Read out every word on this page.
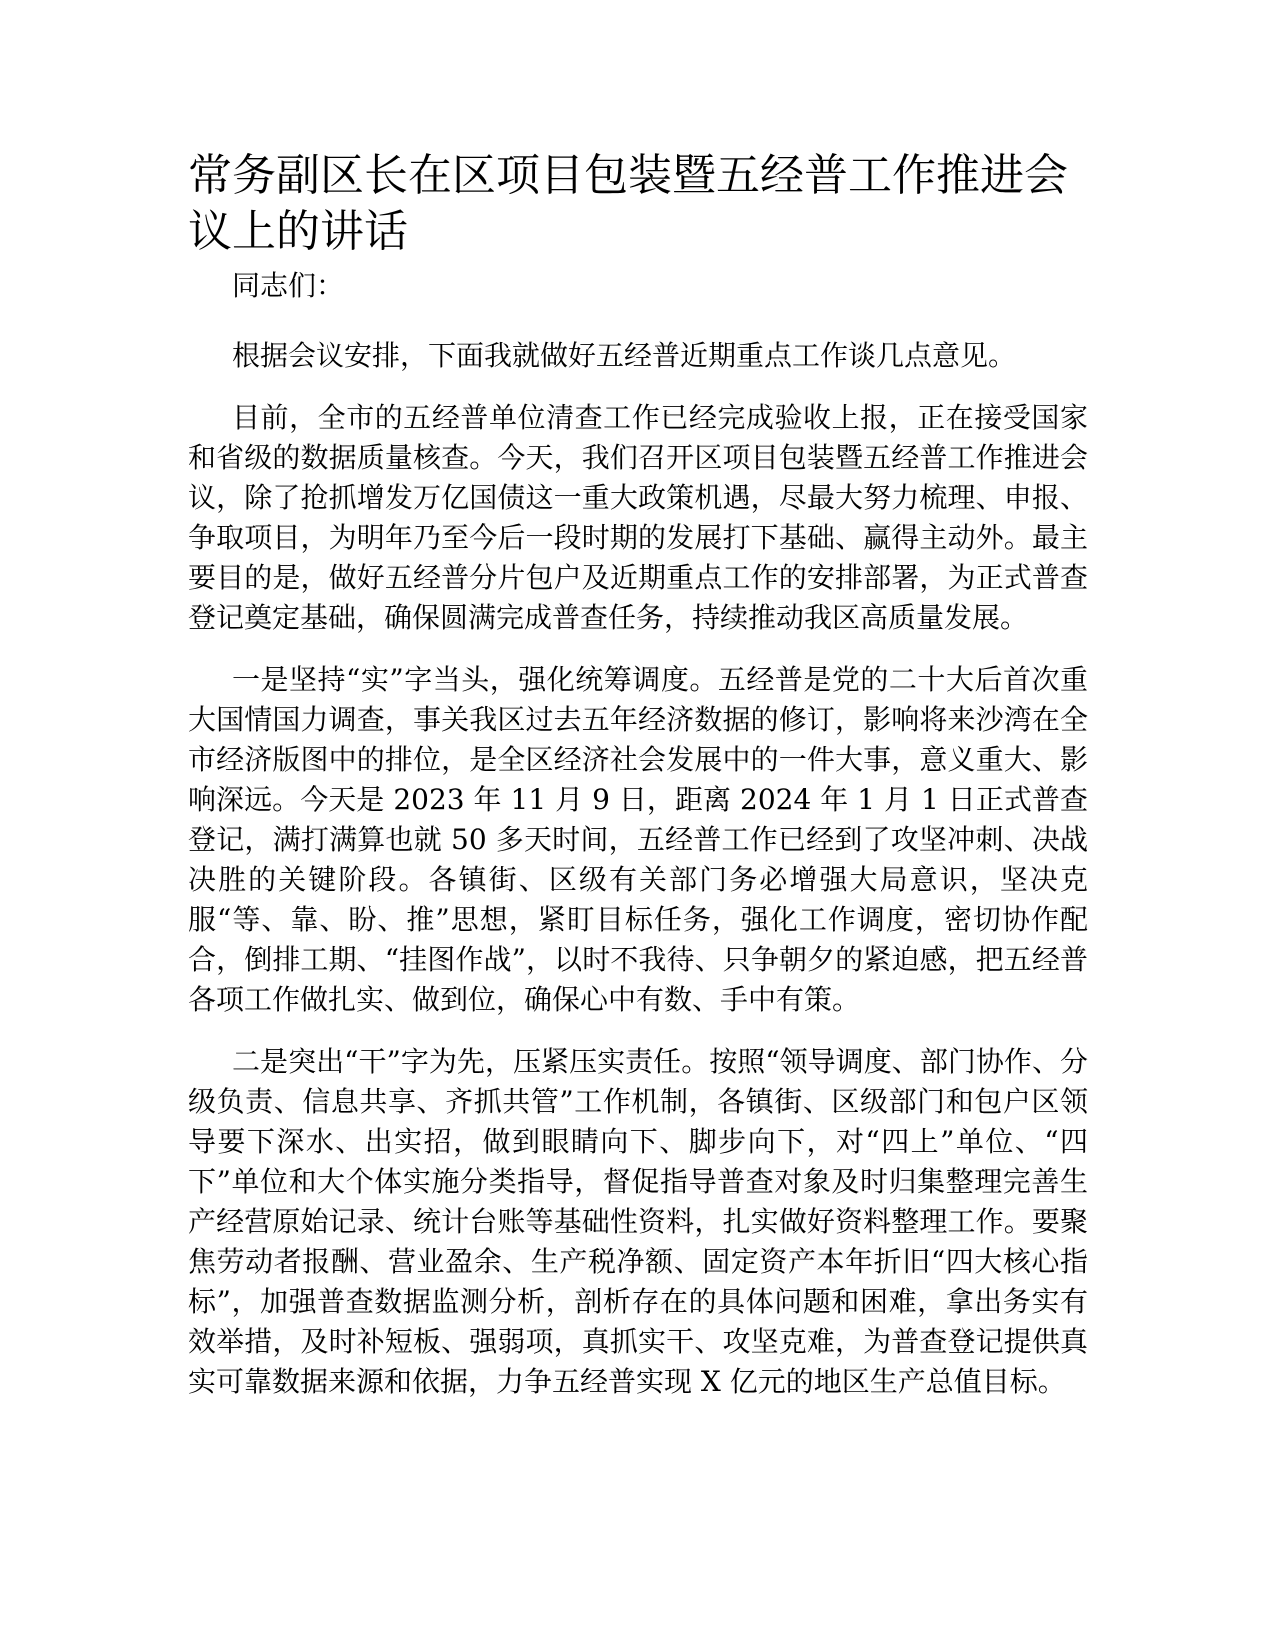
常务副区长在区项目包装暨五经普工作推进会议上的讲话

同志们：

根据会议安排，下面我就做好五经普近期重点工作谈几点意见。

目前，全市的五经普单位清查工作已经完成验收上报，正在接受国家和省级的数据质量核查。今天，我们召开区项目包装暨五经普工作推进会议，除了抢抓增发万亿国债这一重大政策机遇，尽最大努力梳理、申报、争取项目，为明年乃至今后一段时期的发展打下基础、赢得主动外。最主要目的是，做好五经普分片包户及近期重点工作的安排部署，为正式普查登记奠定基础，确保圆满完成普查任务，持续推动我区高质量发展。

一是坚持“实”字当头，强化统筹调度。五经普是党的二十大后首次重大国情国力调查，事关我区过去五年经济数据的修订，影响将来沙湾在全市经济版图中的排位，是全区经济社会发展中的一件大事，意义重大、影响深远。今天是 2023 年 11 月 9 日，距离 2024 年 1 月 1 日正式普查登记，满打满算也就 50 多天时间，五经普工作已经到了攻坚冲刺、决战决胜的关键阶段。各镇街、区级有关部门务必增强大局意识，坚决克服“等、靠、盼、推”思想，紧盯目标任务，强化工作调度，密切协作配合，倒排工期、“挂图作战”，以时不我待、只争朝夕的紧迫感，把五经普各项工作做扎实、做到位，确保心中有数、手中有策。

二是突出“干”字为先，压紧压实责任。按照“领导调度、部门协作、分级负责、信息共享、齐抓共管”工作机制，各镇街、区级部门和包户区领导要下深水、出实招，做到眼睛向下、脚步向下，对“四上”单位、“四下”单位和大个体实施分类指导，督促指导普查对象及时归集整理完善生产经营原始记录、统计台账等基础性资料，扎实做好资料整理工作。要聚焦劳动者报酬、营业盈余、生产税净额、固定资产本年折旧“四大核心指标”，加强普查数据监测分析，剖析存在的具体问题和困难，拿出务实有效举措，及时补短板、强弱项，真抓实干、攻坚克难，为普查登记提供真实可靠数据来源和依据，力争五经普实现 X 亿元的地区生产总值目标。
